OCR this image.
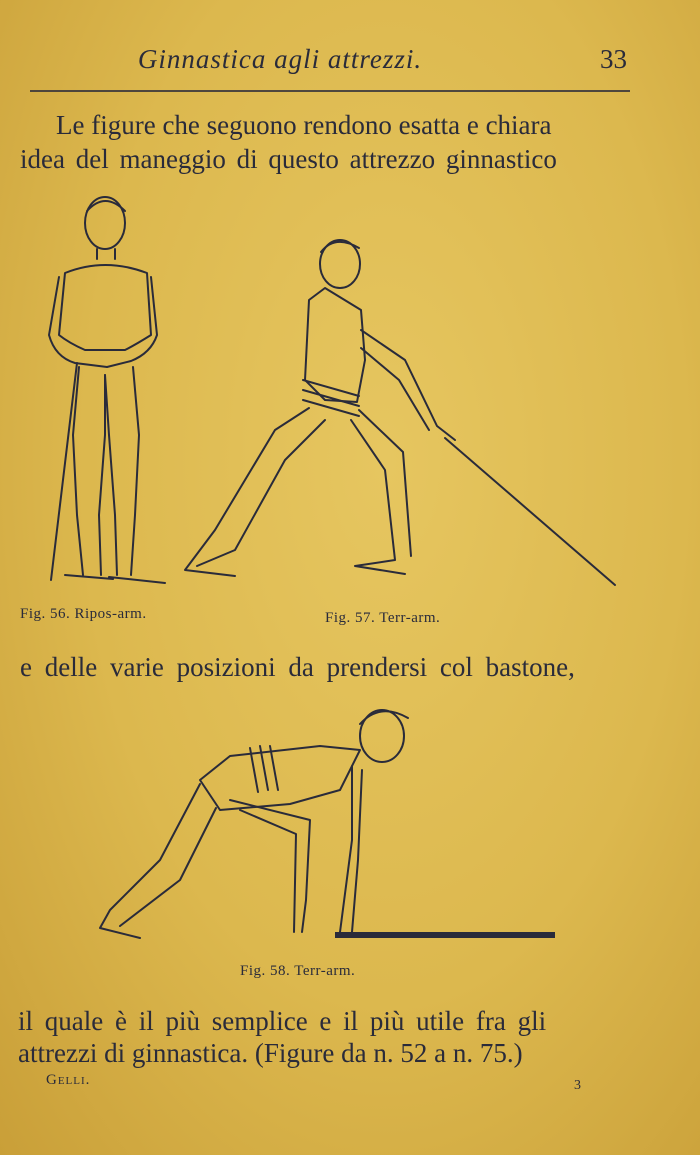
Ginnastica agli attrezzi.	33
Le figure che seguono rendono esatta e chiara
idea del maneggio di questo attrezzo ginnastico
Fig. 56. Ripos-arm.	Fig. 57. Terr-arm.
e delle varie posizioni da prendersi col bastone,
Fig. 58. Terr-arm.
il quale è il più semplice e il più utile fra gli
attrezzi di ginnastica. (Figure da n. 52 a n. 75.)
Gelli.	3
